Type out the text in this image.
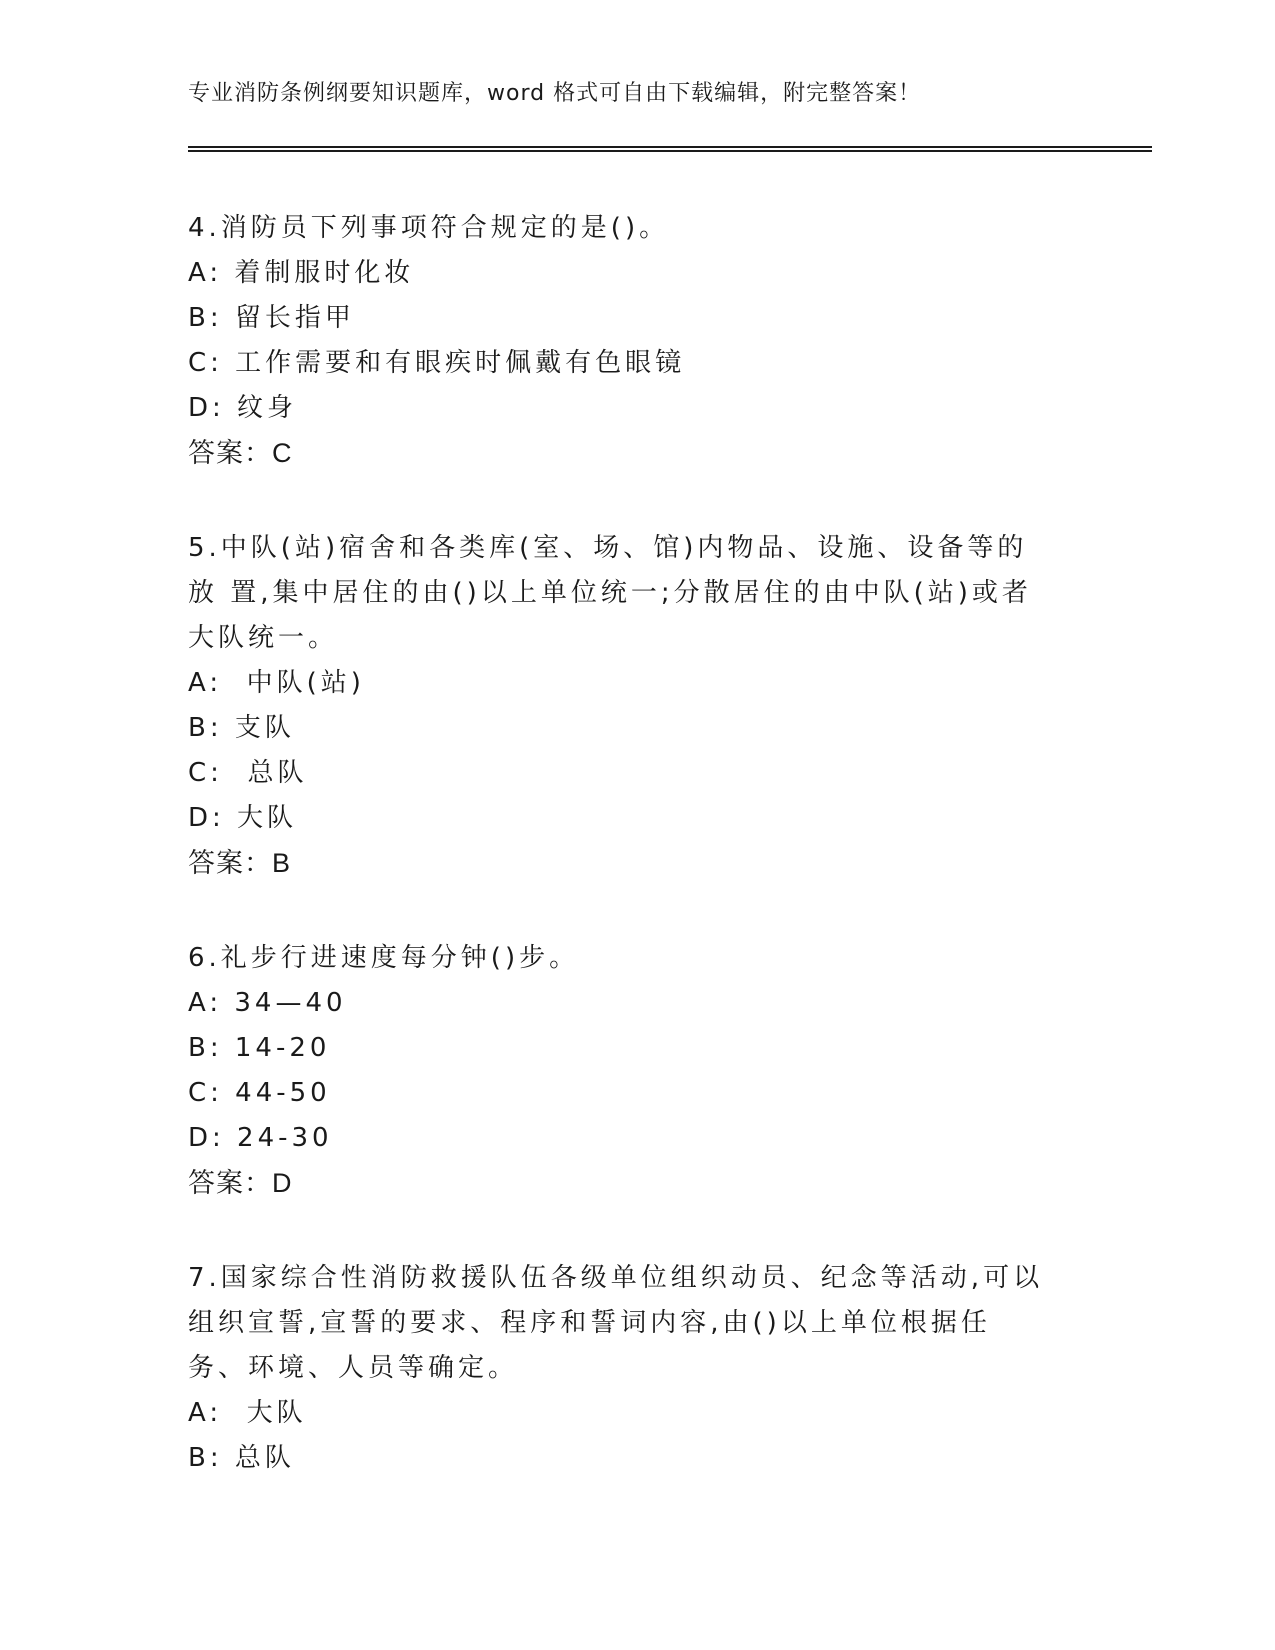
专业消防条例纲要知识题库，word 格式可自由下载编辑，附完整答案！
4.消防员下列事项符合规定的是()。
A: 着制服时化妆
B: 留长指甲
C: 工作需要和有眼疾时佩戴有色眼镜
D: 纹身
答案：C
5.中队(站)宿舍和各类库(室、场、馆)内物品、设施、设备等的放 置,集中居住的由()以上单位统一;分散居住的由中队(站)或者大队统一。
A:  中队(站)
B: 支队
C:  总队
D: 大队
答案：B
6.礼步行进速度每分钟()步。
A: 34—40
B: 14-20
C: 44-50
D: 24-30
答案：D
7.国家综合性消防救援队伍各级单位组织动员、纪念等活动,可以组织宣誓,宣誓的要求、程序和誓词内容,由()以上单位根据任务、环境、人员等确定。
A:  大队
B: 总队
